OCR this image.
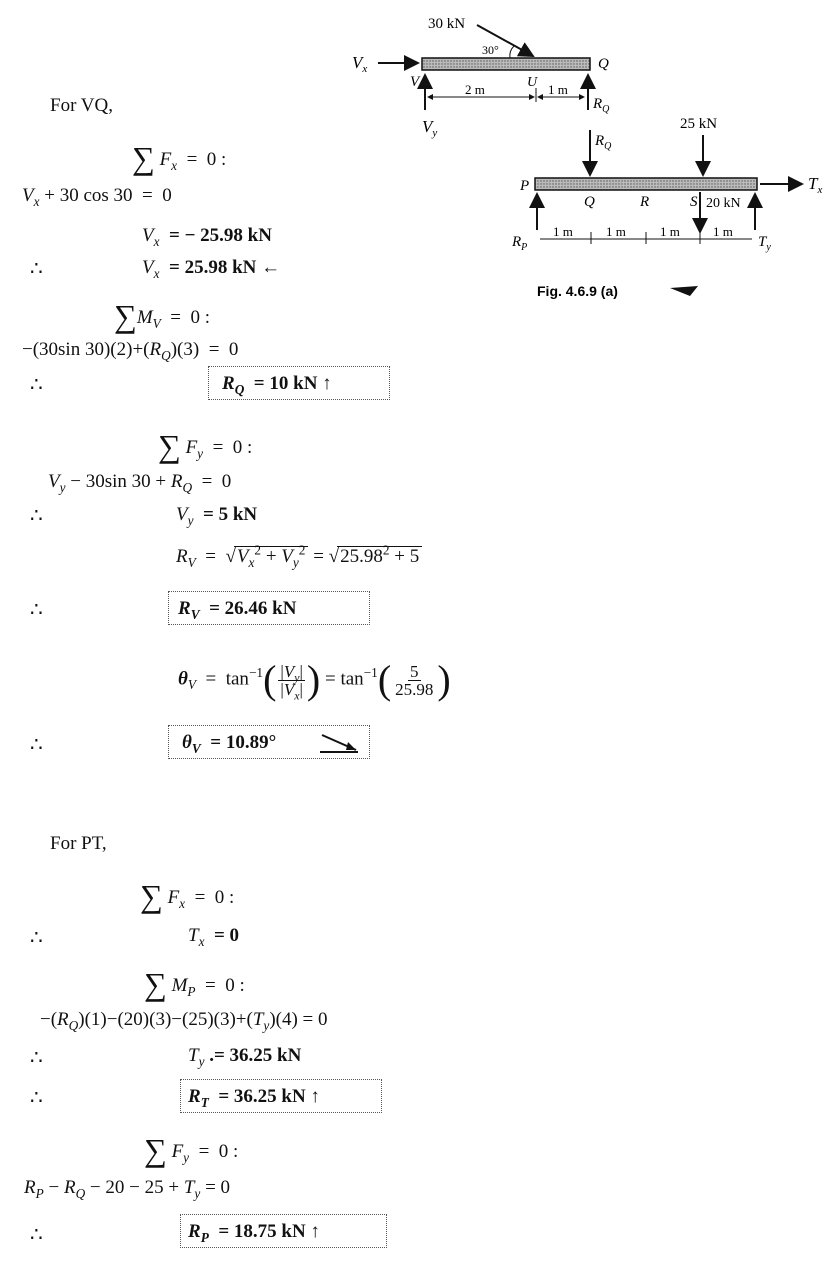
30 kN
30°
$V_x$
V
Q
$V_y$
$R_Q$
2 m	U 1 m
$R_Q$
25 kN
$T_x$
P
Q	R	S 20 kN
$R_P$	$T_y$
1 m	1 m	1 m	1 m
Fig. 4.6.9 (a)
For VQ,
∑ $F_x = 0$ :
$V_x + 30$ cos 30  =  0
$V_x$ = − 25.98 kN
∴	$V_x = 25.98$ kN ←
$\sum M_V = 0$ :
−(30sin $30)(2)+(R_Q)(3) = 0$
∴	$R_Q = 10$ kN ↑
∑ $F_y = 0$ :
$V_y - 30\sin$ $30 + R_Q = 0$
∴	$V_y = 5$ kN
$R_V = √V_x^2 + V_y^2 = √25.98^2 + 5$
∴	$R_V = 26.46$ kN
$\theta_V = \tan^{-1}( \frac{|V_y|}{|V_x|}$ ) = $\tan^{-1}( \frac{5}{25.98}$ )
∴	$\theta_V = 10.89^\circ$
For PT,
∑ $F_x = 0$ :
∴	$T_x = 0$
∑ $M_P = 0$ :
$-(R_Q)(1)-(20)(3)-(25)(3)+(T_y)(4) = 0$
∴	$T_y$ .= 36.25 kN
∴	$R_T = 36.25$ kN ↑
∑ $F_y = 0$ :
$R_P - R_Q - 20 - 25 + T_y = 0$
∴	$R_P = 18.75$ kN ↑
